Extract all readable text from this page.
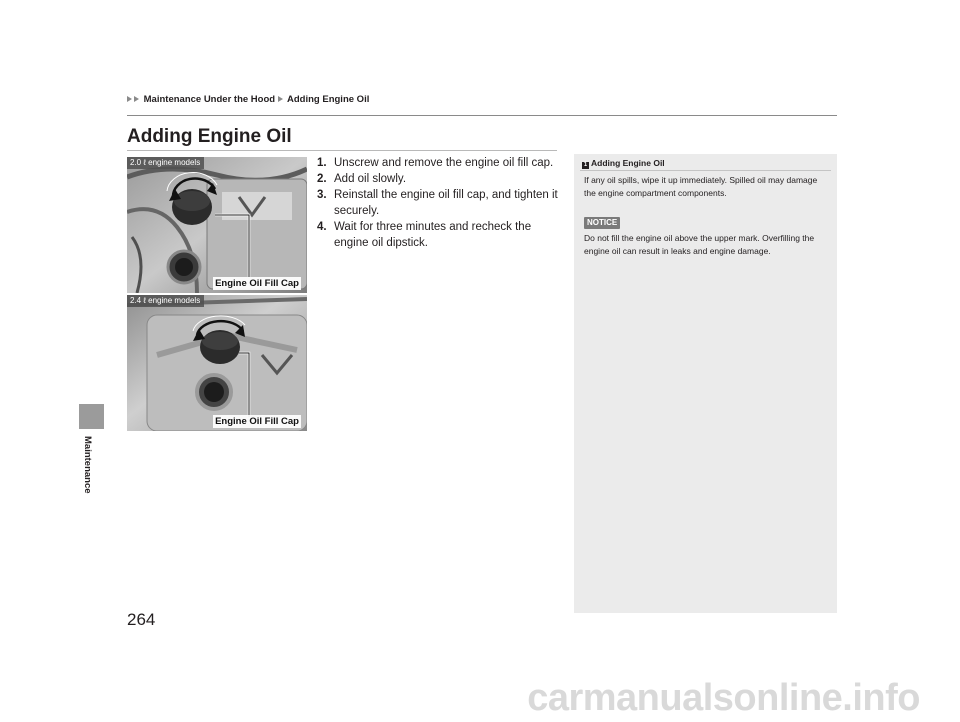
Maintenance Under the Hood Adding Engine Oil
Maintenance
Adding Engine Oil
2.0 ℓ engine models
Engine Oil Fill Cap
2.4 ℓ engine models
Engine Oil Fill Cap
1. Unscrew and remove the engine oil fill cap.
2. Add oil slowly.
3. Reinstall the engine oil fill cap, and tighten it securely.
4. Wait for three minutes and recheck the engine oil dipstick.
1 Adding Engine Oil
If any oil spills, wipe it up immediately. Spilled oil may damage the engine compartment components.
NOTICE
Do not fill the engine oil above the upper mark. Overfilling the engine oil can result in leaks and engine damage.
264
carmanualsonline.info
